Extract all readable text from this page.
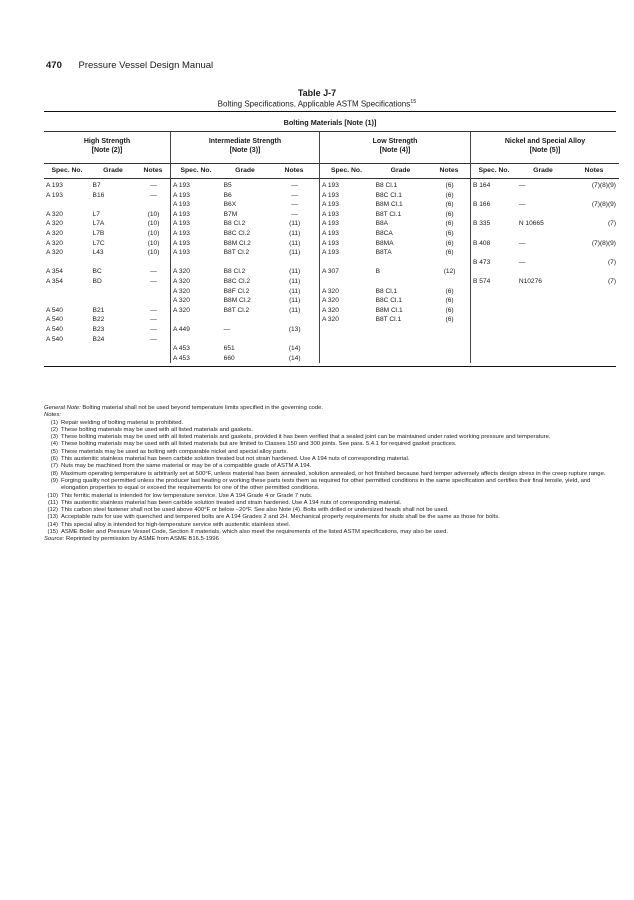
470 Pressure Vessel Design Manual
Table J-7
Bolting Specifications, Applicable ASTM Specifications$^{15}$
Bolting Materials [Note (1)]
High Strength
[Note (2)]
Spec. No.	Grade	Notes
A 193	B7	—
A 193	B16	—
A 320	L7	(10)
A 320	L7A	(10)
A 320	L7B	(10)
A 320	L7C	(10)
A 320	L43	(10)
A 354	BC	—
A 354	BD	—
A 540	B21	—
A 540	B22	—
A 540	B23	—
A 540	B24	—
Intermediate Strength
[Note (3)]
Spec. No.	Grade	Notes
A 193	B5	—
A 193	B6	—
A 193	B6X	—
A 193	B7M	—
A 193	B8 Cl.2	(11)
A 193	B8C Cl.2	(11)
A 193	B8M Cl.2	(11)
A 193	B8T Cl.2	(11)
A 320	B8 Cl.2	(11)
A 320	B8C Cl.2	(11)
A 320	B8F Cl.2	(11)
A 320	B8M Cl.2	(11)
A 320	B8T Cl.2	(11)
A 449	—	(13)
A 453	651	(14)
A 453	660	(14)
Low Strength
[Note (4)]
Spec. No.	Grade	Notes
A 193	B8 Cl.1	(6)
A 193	B8C Cl.1	(6)
A 193	B8M Cl.1	(6)
A 193	B8T Cl.1	(6)
A 193	B8A	(6)
A 193	B8CA	(6)
A 193	B8MA	(6)
A 193	B8TA	(6)
A 307	B	(12)
A 320	B8 Cl.1	(6)
A 320	B8C Cl.1	(6)
A 320	B8M Cl.1	(6)
A 320	B8T Cl.1	(6)
Nickel and Special Alloy
[Note (5)]
Spec. No.	Grade	Notes
B 164	—	(7)(8)(9)
B 166	—	(7)(8)(9)
B 335	N 10665	(7)
B 408	—	(7)(8)(9)
B 473	—	(7)
B 574	N10276	(7)
General Note: Bolting material shall not be used beyond temperature limits specified in the governing code.
Notes:
(1) Repair welding of bolting material is prohibited.
(2) These bolting materials may be used with all listed materials and gaskets.
(3) These bolting materials may be used with all listed materials and gaskets, provided it has been verified that a sealed joint can be maintained under rated working pressure and temperature.
(4) These bolting materials may be used with all listed materials but are limited to Classes 150 and 300 joints. See para. 5.4.1 for required gasket practices.
(5) These materials may be used as bolting with comparable nickel and special alloy parts.
(6) This austenitic stainless material has been carbide solution treated but not strain hardened. Use A 194 nuts of corresponding material.
(7) Nuts may be machined from the same material or may be of a compatible grade of ASTM A 194.
(8) Maximum operating temperature is arbitrarily set at 500°F, unless material has been annealed, solution annealed, or hot finished because hard temper adversely affects design stress in the creep rupture range.
(9) Forging quality not permitted unless the producer last heating or working these parts tests them as required for other permitted conditions in the same specification and certifies their final tensile, yield, and elongation properties to equal or exceed the requirements for one of the other permitted conditions.
(10) This ferritic material is intended for low temperature service. Use A 194 Grade 4 or Grade 7 nuts.
(11) This austenitic stainless material has been carbide solution treated and strain hardened. Use A 194 nuts of corresponding material.
(12) This carbon steel fastener shall not be used above 400°F or below −20°F. See also Note (4). Bolts with drilled or undersized heads shall not be used.
(13) Acceptable nuts for use with quenched and tempered bolts are A 194 Grades 2 and 2H. Mechanical property requirements for studs shall be the same as those for bolts.
(14) This special alloy is intended for high-temperature service with austenitic stainless steel.
(15) ASME Boiler and Pressure Vessel Code, Section II materials, which also meet the requirements of the listed ASTM specifications, may also be used.
Source: Reprinted by permission by ASME from ASME B16.5-1996
